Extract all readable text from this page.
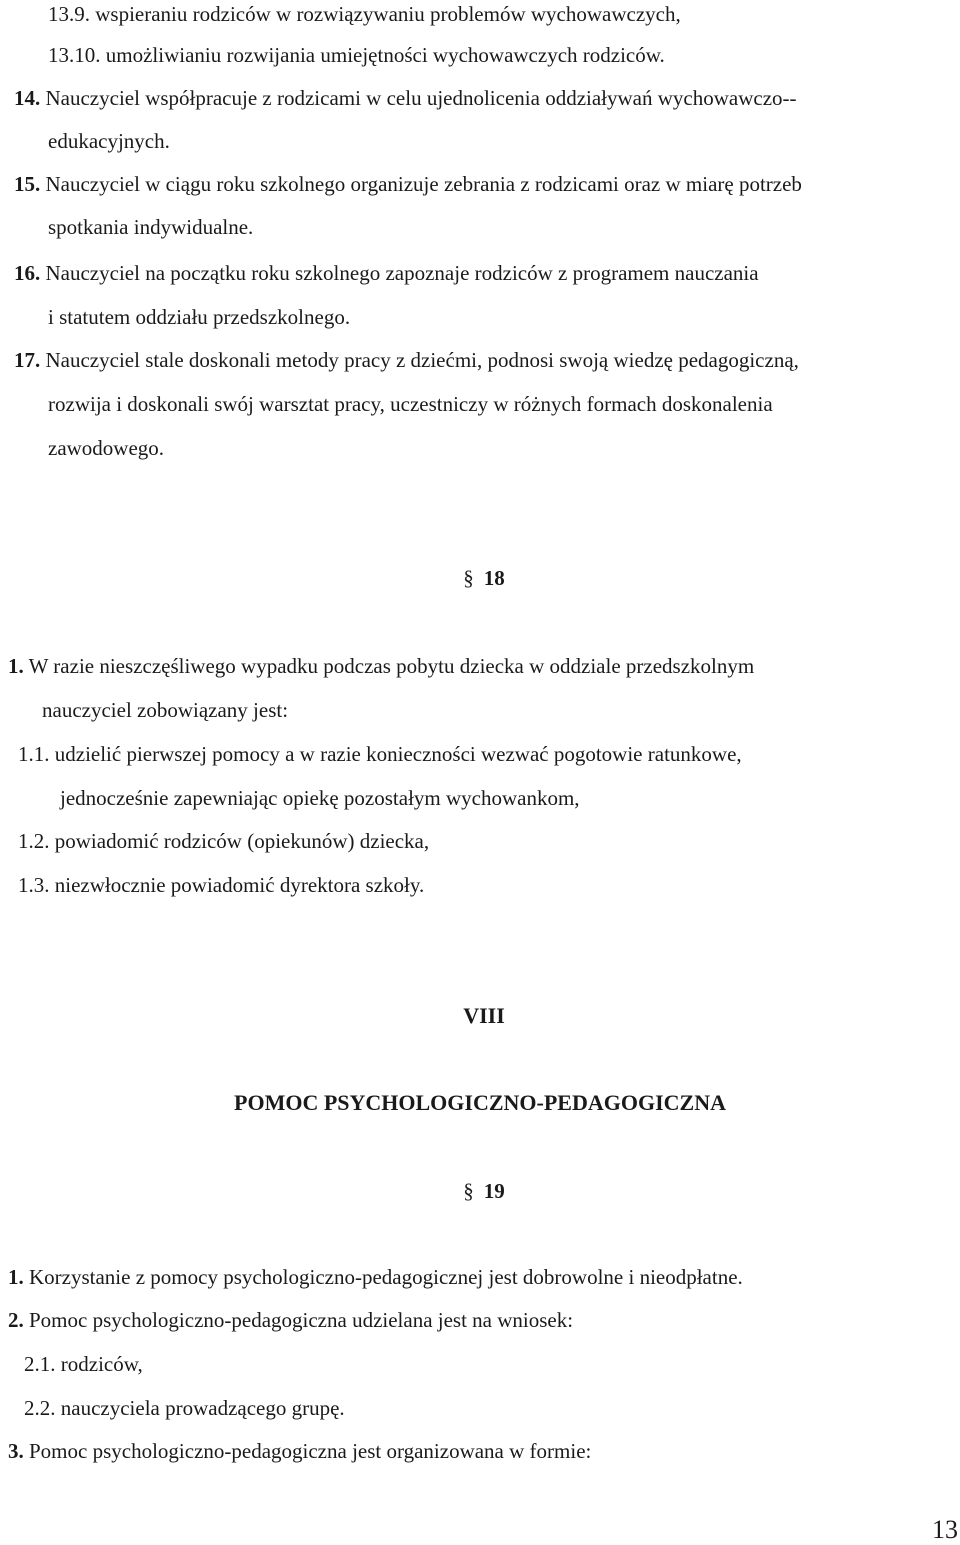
13.9. wspieraniu rodziców w rozwiązywaniu problemów wychowawczych,
13.10. umożliwianiu rozwijania umiejętności wychowawczych rodziców.
14. Nauczyciel współpracuje z rodzicami w celu ujednolicenia oddziaływań wychowawczo--
edukacyjnych.
15. Nauczyciel w ciągu roku szkolnego organizuje zebrania z rodzicami oraz w miarę potrzeb
spotkania indywidualne.
16. Nauczyciel na początku roku szkolnego zapoznaje rodziców z programem nauczania
i statutem oddziału przedszkolnego.
17. Nauczyciel stale doskonali metody pracy z dziećmi, podnosi swoją wiedzę pedagogiczną,
rozwija i doskonali swój warsztat pracy, uczestniczy w różnych formach doskonalenia
zawodowego.
§ 18
1. W razie nieszczęśliwego wypadku podczas pobytu dziecka w oddziale przedszkolnym
nauczyciel zobowiązany jest:
1.1. udzielić pierwszej pomocy a w razie konieczności wezwać pogotowie ratunkowe,
jednocześnie zapewniając opiekę pozostałym wychowankom,
1.2. powiadomić rodziców (opiekunów) dziecka,
1.3. niezwłocznie powiadomić dyrektora szkoły.
VIII
POMOC PSYCHOLOGICZNO-PEDAGOGICZNA
§ 19
1. Korzystanie z pomocy psychologiczno-pedagogicznej jest dobrowolne i nieodpłatne.
2. Pomoc psychologiczno-pedagogiczna udzielana jest na wniosek:
2.1. rodziców,
2.2. nauczyciela prowadzącego grupę.
3. Pomoc psychologiczno-pedagogiczna jest organizowana w formie:
13
